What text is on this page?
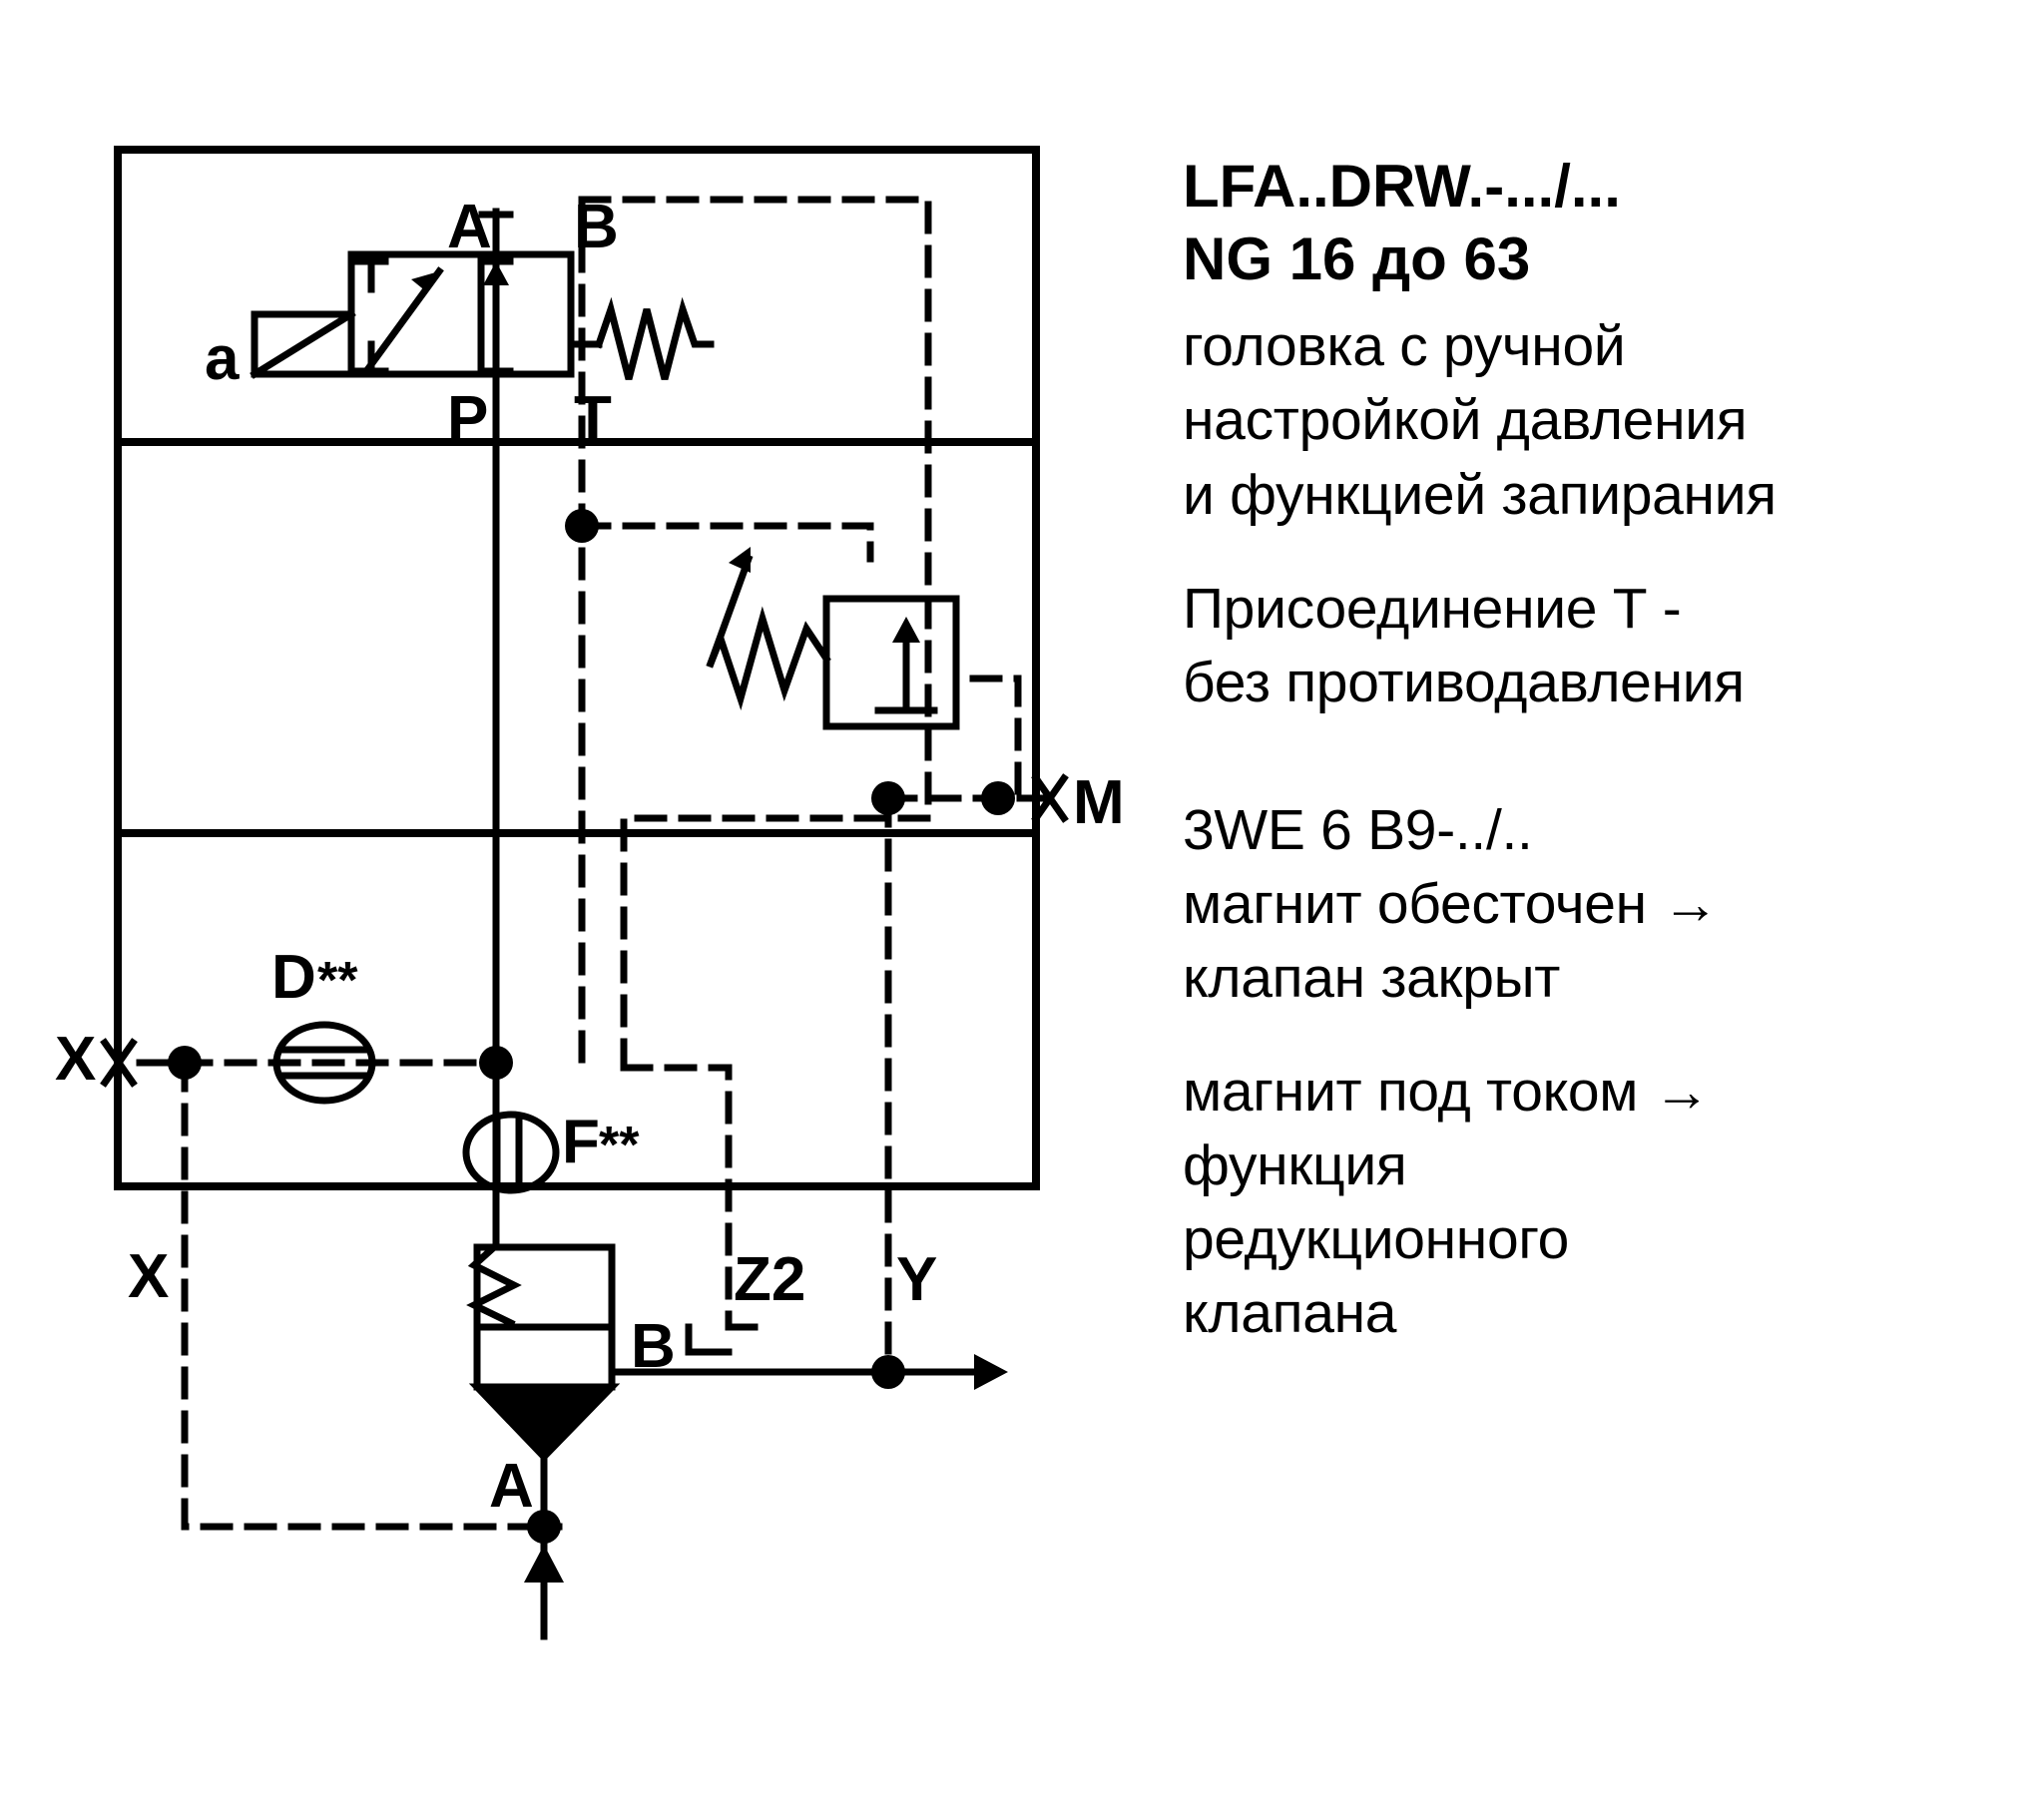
A B
P T
a
M
D **
F **
X
X	Z2 Y
B
A
LFA..DRW.-.../...
NG 16 до 63
головка с ручной
настройкой давления
и функцией запирания
Присоединение Т -
без противодавления
3WE 6 B9-../..
магнит обесточен →
клапан закрыт
магнит под током →
функция
редукционного
клапана
